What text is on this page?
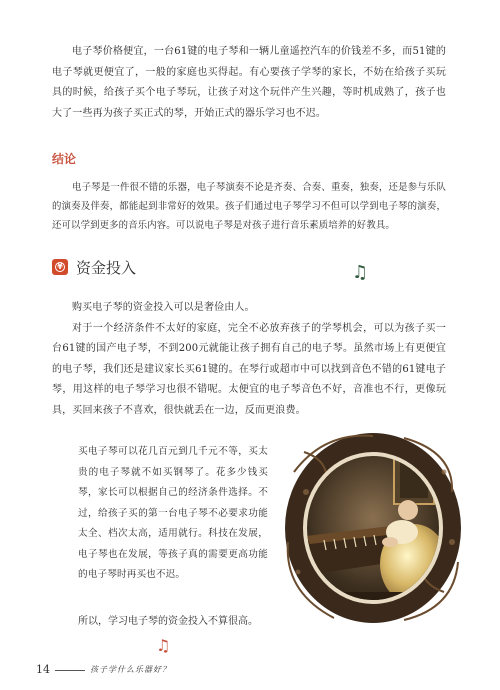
电子琴价格便宜，一台61键的电子琴和一辆儿童遥控汽车的价钱差不多，而51键的电子琴就更便宜了，一般的家庭也买得起。有心要孩子学琴的家长，不妨在给孩子买玩具的时候，给孩子买个电子琴玩，让孩子对这个玩伴产生兴趣，等时机成熟了，孩子也大了一些再为孩子买正式的琴，开始正式的器乐学习也不迟。

结论

电子琴是一件很不错的乐器，电子琴演奏不论是齐奏、合奏、重奏，独奏，还是参与乐队的演奏及伴奏，都能起到非常好的效果。孩子们通过电子琴学习不但可以学到电子琴的演奏，还可以学到更多的音乐内容。可以说电子琴是对孩子进行音乐素质培养的好教具。

¥ 资金投入	♫

购买电子琴的资金投入可以是奢俭由人。
对于一个经济条件不太好的家庭，完全不必放弃孩子的学琴机会，可以为孩子买一台61键的国产电子琴，不到200元就能让孩子拥有自己的电子琴。虽然市场上有更便宜的电子琴，我们还是建议家长买61键的。在琴行或超市中可以找到音色不错的61键电子琴，用这样的电子琴学习也很不错呢。太便宜的电子琴音色不好，音准也不行，更像玩具，买回来孩子不喜欢，很快就丢在一边，反而更浪费。

买电子琴可以花几百元到几千元不等，买太贵的电子琴就不如买钢琴了。花多少钱买琴，家长可以根据自己的经济条件选择。不过，给孩子买的第一台电子琴不必要求功能太全、档次太高，适用就行。科技在发展，电子琴也在发展，等孩子真的需要更高功能的电子琴时再买也不迟。

所以，学习电子琴的资金投入不算很高。
♫
14	孩子学什么乐器好？
